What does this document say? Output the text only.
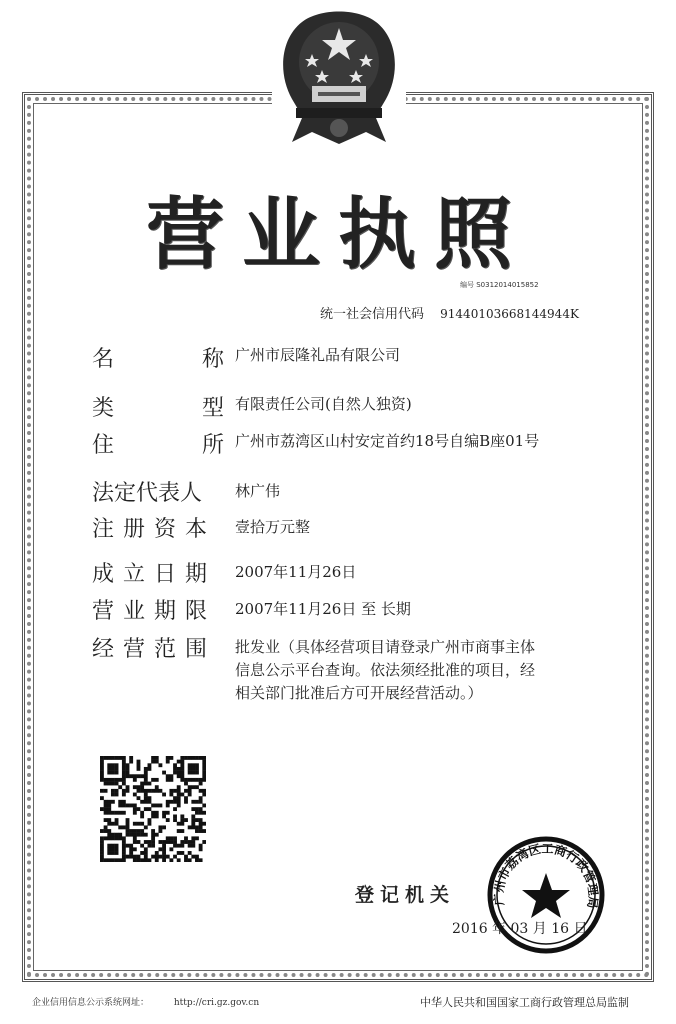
营业执照
编号 S0312014015852
统一社会信用代码 91440103668144944K
名	称 广州市辰隆礼品有限公司
类	型 有限责任公司(自然人独资)
住	所 广州市荔湾区山村安定首约18号自编B座01号
法定代表人	林广伟
注册资本	壹拾万元整
成立日期	2007年11月26日
营业期限	2007年11月26日 至 长期
经营范围	批发业（具体经营项目请登录广州市商事主体
信息公示平台查询。依法须经批准的项目，经
相关部门批准后方可开展经营活动。）
登记机关	广州市荔湾区工商行政管理局
2016 年 03 月 16 日
企业信用信息公示系统网址：	http://cri.gz.gov.cn	中华人民共和国国家工商行政管理总局监制
